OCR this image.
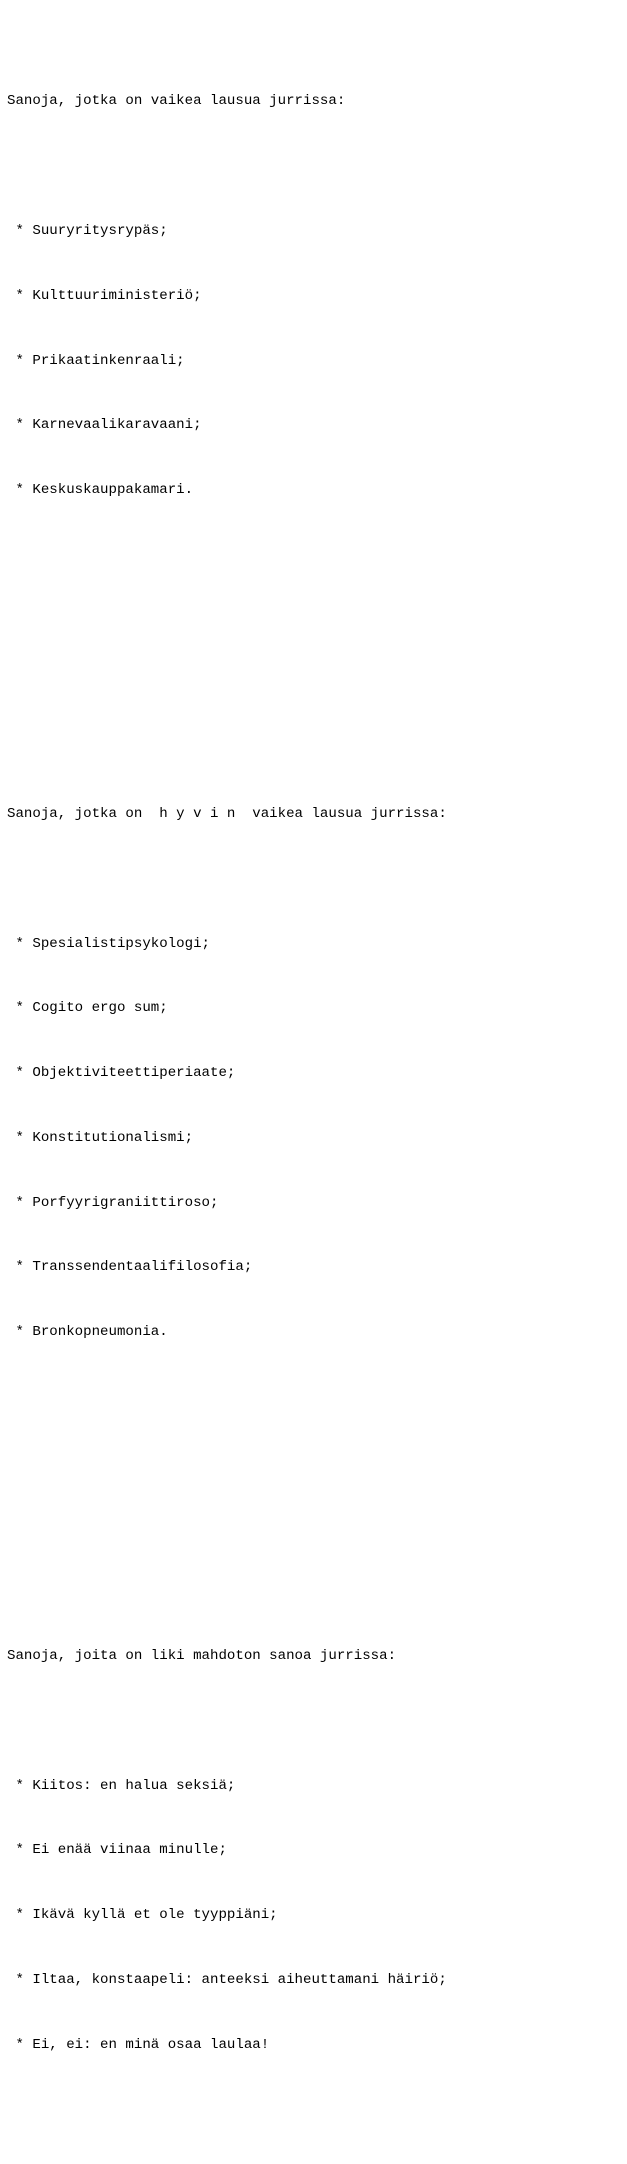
Sanoja, jotka on vaikea lausua jurrissa:

* Suuryritysrypäs;

* Kulttuuriministeriö;

* Prikaatinkenraali;

* Karnevaalikaravaani;

* Keskuskauppakamari.

Sanoja, jotka on  h y v i n  vaikea lausua jurrissa:

* Spesialistipsykologi;

* Cogito ergo sum;

* Objektiviteettiperiaate;

* Konstitutionalismi;

* Porfyyrigraniittiroso;

* Transsendentaalifilosofia;

* Bronkopneumonia.

Sanoja, joita on liki mahdoton sanoa jurrissa:

* Kiitos: en halua seksiä;

* Ei enää viinaa minulle;

* Ikävä kyllä et ole tyyppiäni;

* Iltaa, konstaapeli: anteeksi aiheuttamani häiriö;

* Ei, ei: en minä osaa laulaa!
